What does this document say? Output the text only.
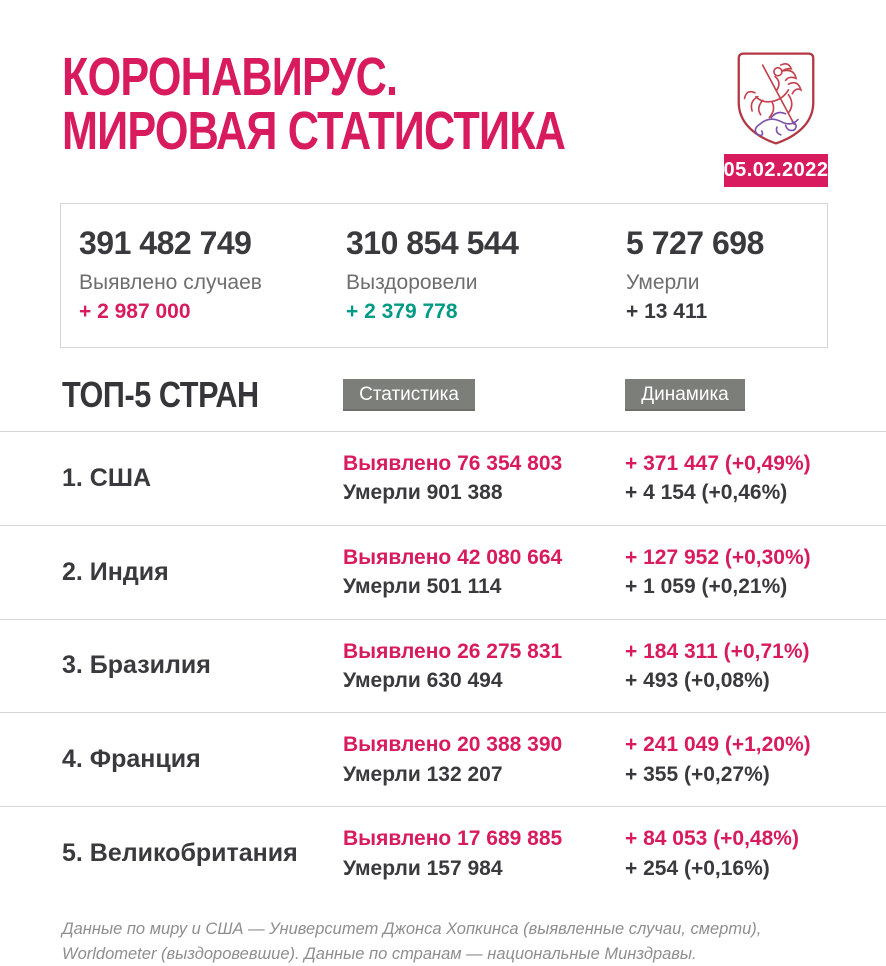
КОРОНАВИРУС.
МИРОВАЯ СТАТИСТИКА
05.02.2022
391 482 749
Выявлено случаев
+ 2 987 000
310 854 544
Выздоровели
+ 2 379 778
5 727 698
Умерли
+ 13 411
ТОП-5 СТРАН	Статистика	Динамика
1. США
Выявлено 76 354 803
Умерли 901 388
+ 371 447 (+0,49%)
+ 4 154 (+0,46%)
2. Индия
Выявлено 42 080 664
Умерли 501 114
+ 127 952 (+0,30%)
+ 1 059 (+0,21%)
3. Бразилия
Выявлено 26 275 831
Умерли 630 494
+ 184 311 (+0,71%)
+ 493 (+0,08%)
4. Франция
Выявлено 20 388 390
Умерли 132 207
+ 241 049 (+1,20%)
+ 355 (+0,27%)
5. Великобритания
Выявлено 17 689 885
Умерли 157 984
+ 84 053 (+0,48%)
+ 254 (+0,16%)
Данные по миру и США — Университет Джонса Хопкинса (выявленные случаи, смерти), Worldometer (выздоровевшие). Данные по странам — национальные Минздравы.
